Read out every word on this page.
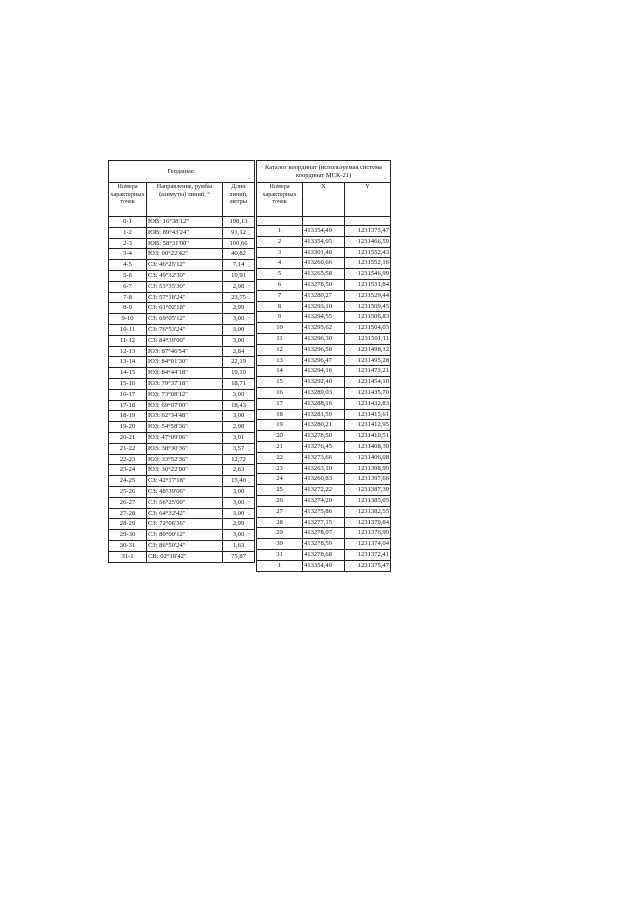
Геоданые:		
Номера характерных точек	Направление, румбы (азимуты) линий, °	Длин линий, метры
0-1	ЮВ: 16°38'12"	198,13
1-2	ЮВ: 89°43'24"	91,12
2-3	ЮВ: 58°31'00"	100,66
3-4	ЮЗ: 00°22'42"	40,82
4-5	СЗ: 46°25'12"	7,14
5-6	СЗ: 49°32'30"	19,91
6-7	СЗ: 53°35'30"	2,98
7-8	СЗ: 57°18'24"	23,75
8-9	СЗ: 61°02'18"	2,99
9-10	СЗ: 69°05'12"	3,00
10-11	СЗ: 76°53'24"	3,00
11-12	СЗ: 84°39'00"	3,00
12-13	ЮЗ: 87°46'54"	2,84
13-14	ЮЗ: 84°01'30"	22,19
14-15	ЮЗ: 84°44'18"	19,19
15-16	ЮЗ: 79°37'18"	18,71
16-17	ЮЗ: 73°08'12"	3,00
17-18	ЮЗ: 69°07'00"	18,43
18-19	ЮЗ: 62°34'48"	3,00
19-20	ЮЗ: 54°58'36"	2,98
20-21	ЮЗ: 47°09'06"	3,01
21-22	ЮЗ: 38°30'36"	3,57
22-23	ЮЗ: 33°52'36"	12,72
23-24	ЮЗ: 30°22'00"	2,63
24-25	СЗ: 42°17'18"	15,40
25-26	СЗ: 48°39'06"	3,00
26-27	СЗ: 56°25'00"	3,00
27-28	СЗ: 64°32'42"	3,00
28-29	СЗ: 72°06'36"	2,99
29-30	СЗ: 80°00'12"	3,00
30-31	СЗ: 86°50'24"	1,63
31-1	СВ: 02°18'42"	75,87
Каталог координат (используемая система координат МСК-21)		
Номера характерных точек	X	Y

1	413354,49	1231375,47
2	413354,05	1231466,59
3	413301,48	1231552,43
4	413260,66	1231552,16
5	413265,58	1231546,99
6	413278,50	1231531,84
7	413280,27	1231529,44
8	413293,10	1231509,45
9	413294,55	1231506,83
10	413295,62	1231504,03
11	413296,30	1231501,11
12	413296,58	1231498,12
13	413296,47	1231495,28
14	413294,16	1231473,21
15	413292,40	1231454,10
16	413289,03	1231435,70
17	413288,16	1231432,83
18	413281,59	1231415,61
19	413280,21	1231412,95
20	413278,50	1231410,51
21	413276,45	1231408,30
22	413273,66	1231406,08
23	413263,10	1231398,99
24	413260,83	1231397,66
25	413272,22	1231387,30
26	413274,20	1231385,05
27	413275,86	1231382,55
28	413277,15	1231379,84
29	413278,07	1231376,99
30	413278,59	1231374,04
31	413278,68	1231372,41
1	413354,49	1231375,47
